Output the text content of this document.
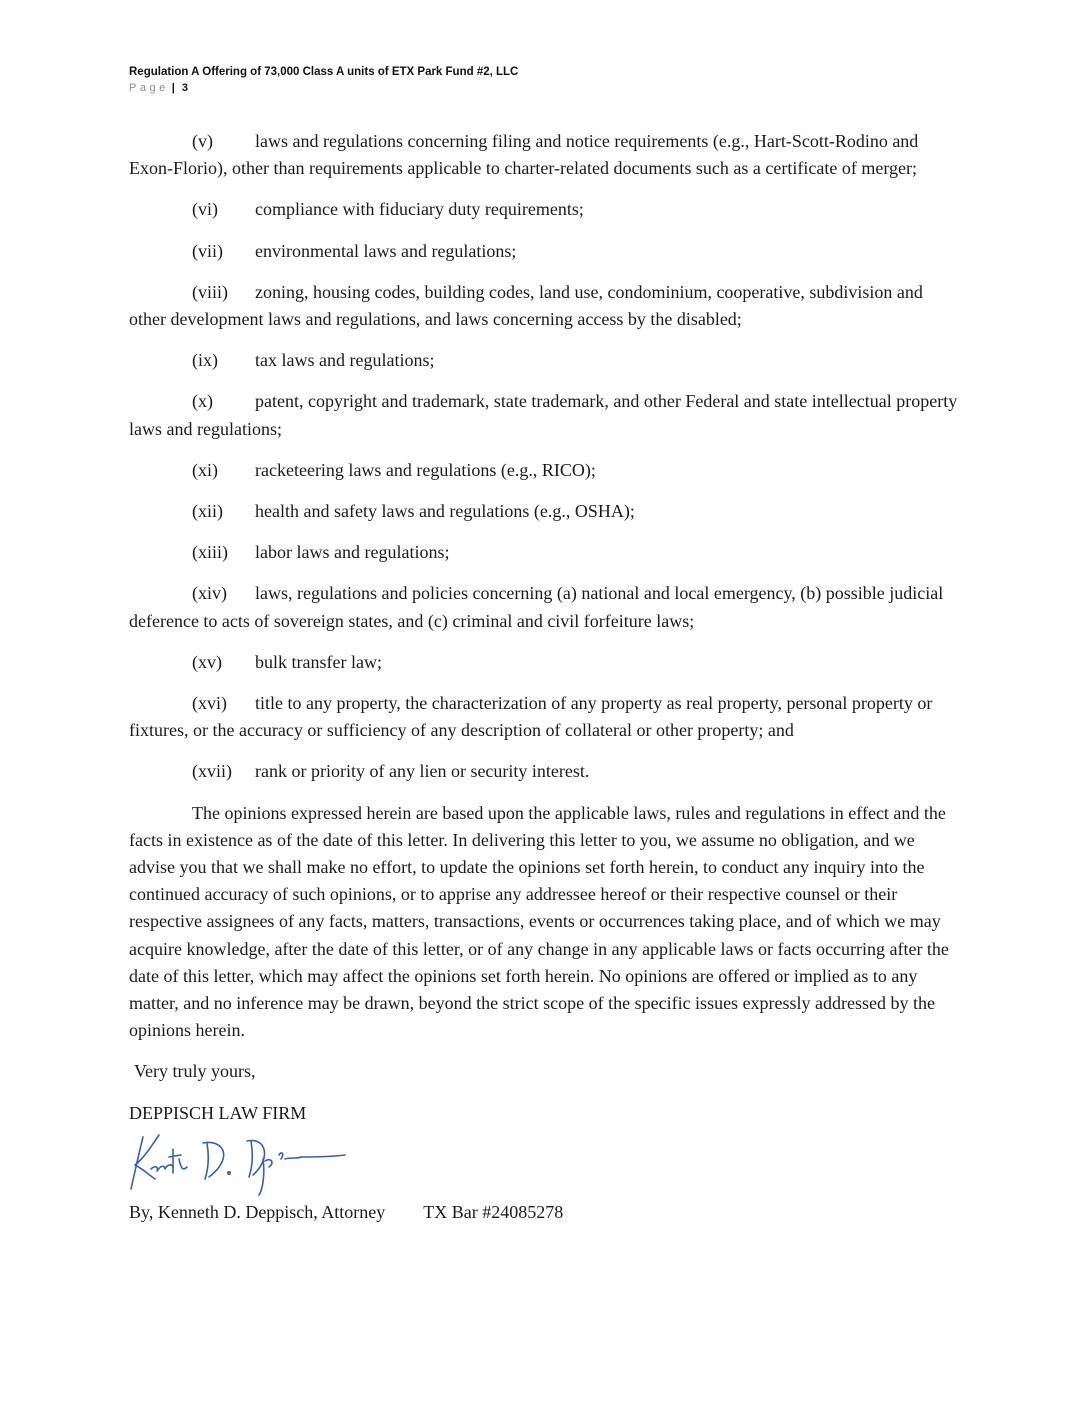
Regulation A Offering of 73,000 Class A units of ETX Park Fund #2, LLC
Page | 3

(v) laws and regulations concerning filing and notice requirements (e.g., Hart-Scott-Rodino and Exon-Florio), other than requirements applicable to charter-related documents such as a certificate of merger;

(vi) compliance with fiduciary duty requirements;

(vii) environmental laws and regulations;

(viii) zoning, housing codes, building codes, land use, condominium, cooperative, subdivision and other development laws and regulations, and laws concerning access by the disabled;

(ix) tax laws and regulations;

(x) patent, copyright and trademark, state trademark, and other Federal and state intellectual property laws and regulations;

(xi) racketeering laws and regulations (e.g., RICO);

(xii) health and safety laws and regulations (e.g., OSHA);

(xiii) labor laws and regulations;

(xiv) laws, regulations and policies concerning (a) national and local emergency, (b) possible judicial deference to acts of sovereign states, and (c) criminal and civil forfeiture laws;

(xv) bulk transfer law;

(xvi) title to any property, the characterization of any property as real property, personal property or fixtures, or the accuracy or sufficiency of any description of collateral or other property; and

(xvii) rank or priority of any lien or security interest.

The opinions expressed herein are based upon the applicable laws, rules and regulations in effect and the facts in existence as of the date of this letter. In delivering this letter to you, we assume no obligation, and we advise you that we shall make no effort, to update the opinions set forth herein, to conduct any inquiry into the continued accuracy of such opinions, or to apprise any addressee hereof or their respective counsel or their respective assignees of any facts, matters, transactions, events or occurrences taking place, and of which we may acquire knowledge, after the date of this letter, or of any change in any applicable laws or facts occurring after the date of this letter, which may affect the opinions set forth herein. No opinions are offered or implied as to any matter, and no inference may be drawn, beyond the strict scope of the specific issues expressly addressed by the opinions herein.

Very truly yours,

DEPPISCH LAW FIRM

By, Kenneth D. Deppisch, Attorney TX Bar #24085278
